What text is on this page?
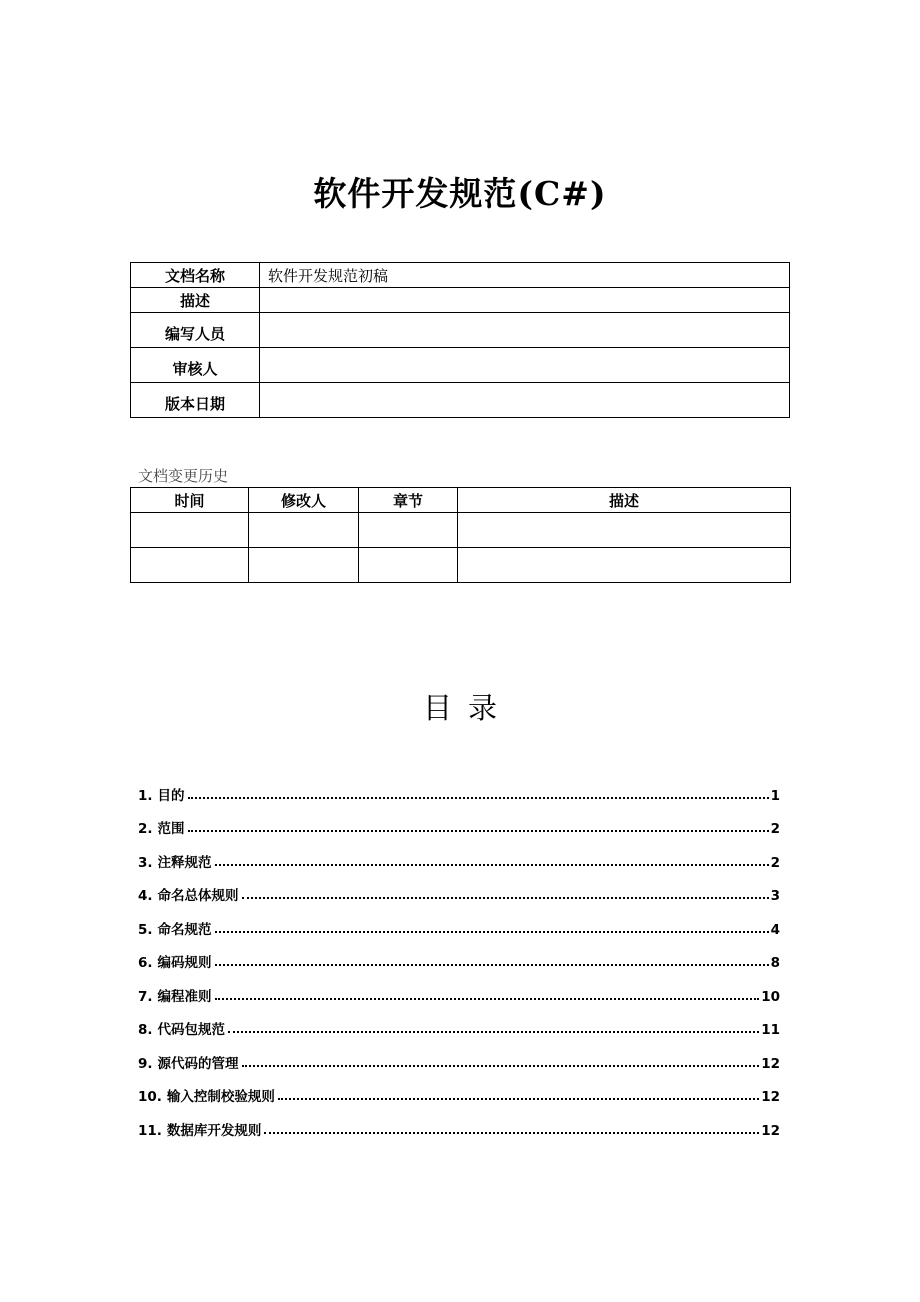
软件开发规范(C#)
文档名称	软件开发规范初稿
描述	
编写人员	
审核人	
版本日期	
文档变更历史
时间	修改人	章节	描述

目录
1. 目的	1
2. 范围	2
3. 注释规范	2
4. 命名总体规则	3
5. 命名规范	4
6. 编码规则	8
7. 编程准则	10
8. 代码包规范	11
9. 源代码的管理	12
10. 输入控制校验规则	12
11. 数据库开发规则	12
